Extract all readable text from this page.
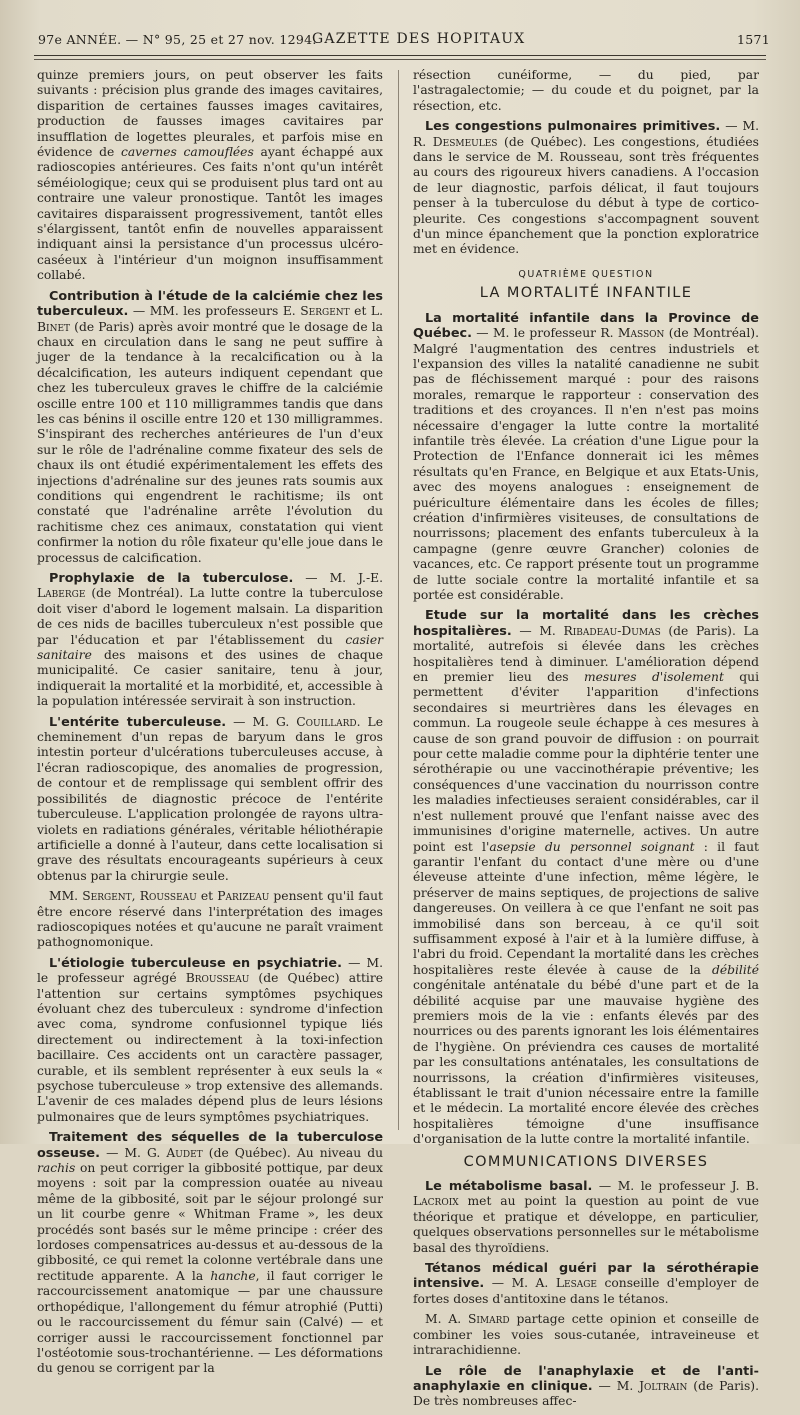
97e ANNÉE. — N° 95, 25 et 27 nov. 1294.
GAZETTE DES HOPITAUX	1571

quinze premiers jours, on peut observer les faits suivants : précision plus grande des images cavitaires, disparition de certaines fausses images cavitaires, production de fausses images cavitaires par insufflation de logettes pleurales, et parfois mise en évidence de cavernes camouflées ayant échappé aux radioscopies antérieures. Ces faits n'ont qu'un intérêt séméiologique; ceux qui se produisent plus tard ont au contraire une valeur pronostique. Tantôt les images cavitaires disparaissent progressivement, tantôt elles s'élargissent, tantôt enfin de nouvelles apparaissent indiquant ainsi la persistance d'un processus ulcéro-caséeux à l'intérieur d'un moignon insuffisamment collabé.

Contribution à l'étude de la calciémie chez les tuberculeux. — MM. les professeurs E. Sergent et L. Binet (de Paris) après avoir montré que le dosage de la chaux en circulation dans le sang ne peut suffire à juger de la tendance à la recalcification ou à la décalcification, les auteurs indiquent cependant que chez les tuberculeux graves le chiffre de la calciémie oscille entre 100 et 110 milligrammes tandis que dans les cas bénins il oscille entre 120 et 130 milligrammes. S'inspirant des recherches antérieures de l'un d'eux sur le rôle de l'adrénaline comme fixateur des sels de chaux ils ont étudié expérimentalement les effets des injections d'adrénaline sur des jeunes rats soumis aux conditions qui engendrent le rachitisme; ils ont constaté que l'adrénaline arrête l'évolution du rachitisme chez ces animaux, constatation qui vient confirmer la notion du rôle fixateur qu'elle joue dans le processus de calcification.

Prophylaxie de la tuberculose. — M. J.-E. Laberge (de Montréal). La lutte contre la tuberculose doit viser d'abord le logement malsain. La disparition de ces nids de bacilles tuberculeux n'est possible que par l'éducation et par l'établissement du casier sanitaire des maisons et des usines de chaque municipalité. Ce casier sanitaire, tenu à jour, indiquerait la mortalité et la morbidité, et, accessible à la population intéressée servirait à son instruction.

L'entérite tuberculeuse. — M. G. Couillard. Le cheminement d'un repas de baryum dans le gros intestin porteur d'ulcérations tuberculeuses accuse, à l'écran radioscopique, des anomalies de progression, de contour et de remplissage qui semblent offrir des possibilités de diagnostic précoce de l'entérite tuberculeuse. L'application prolongée de rayons ultra-violets en radiations générales, véritable héliothérapie artificielle a donné à l'auteur, dans cette localisation si grave des résultats encourageants supérieurs à ceux obtenus par la chirurgie seule.

MM. Sergent, Rousseau et Parizeau pensent qu'il faut être encore réservé dans l'interprétation des images radioscopiques notées et qu'aucune ne paraît vraiment pathognomonique.

L'étiologie tuberculeuse en psychiatrie. — M. le professeur agrégé Brousseau (de Québec) attire l'attention sur certains symptômes psychiques évoluant chez des tuberculeux : syndrome d'infection avec coma, syndrome confusionnel typique liés directement ou indirectement à la toxi-infection bacillaire. Ces accidents ont un caractère passager, curable, et ils semblent représenter à eux seuls la « psychose tuberculeuse » trop extensive des allemands. L'avenir de ces malades dépend plus de leurs lésions pulmonaires que de leurs symptômes psychiatriques.

Traitement des séquelles de la tuberculose osseuse. — M. G. Audet (de Québec). Au niveau du rachis on peut corriger la gibbosité pottique, par deux moyens : soit par la compression ouatée au niveau même de la gibbosité, soit par le séjour prolongé sur un lit courbe genre « Whitman Frame », les deux procédés sont basés sur le même principe : créer des lordoses compensatrices au-dessus et au-dessous de la gibbosité, ce qui remet la colonne vertébrale dans une rectitude apparente. A la hanche, il faut corriger le raccourcissement anatomique — par une chaussure orthopédique, l'allongement du fémur atrophié (Putti) ou le raccourcissement du fémur sain (Calvé) — et corriger aussi le raccourcissement fonctionnel par l'ostéotomie sous-trochantérienne. — Les déformations du genou se corrigent par la

résection cunéiforme, — du pied, par l'astragalectomie; — du coude et du poignet, par la résection, etc.

Les congestions pulmonaires primitives. — M. R. Desmeules (de Québec). Les congestions, étudiées dans le service de M. Rousseau, sont très fréquentes au cours des rigoureux hivers canadiens. A l'occasion de leur diagnostic, parfois délicat, il faut toujours penser à la tuberculose du début à type de cortico-pleurite. Ces congestions s'accompagnent souvent d'un mince épanchement que la ponction exploratrice met en évidence.

QUATRIÈME QUESTION
LA MORTALITÉ INFANTILE

La mortalité infantile dans la Province de Québec. — M. le professeur R. Masson (de Montréal). Malgré l'augmentation des centres industriels et l'expansion des villes la natalité canadienne ne subit pas de fléchissement marqué : pour des raisons morales, remarque le rapporteur : conservation des traditions et des croyances. Il n'en n'est pas moins nécessaire d'engager la lutte contre la mortalité infantile très élevée. La création d'une Ligue pour la Protection de l'Enfance donnerait ici les mêmes résultats qu'en France, en Belgique et aux Etats-Unis, avec des moyens analogues : enseignement de puériculture élémentaire dans les écoles de filles; création d'infirmières visiteuses, de consultations de nourrissons; placement des enfants tuberculeux à la campagne (genre œuvre Grancher) colonies de vacances, etc. Ce rapport présente tout un programme de lutte sociale contre la mortalité infantile et sa portée est considérable.

Etude sur la mortalité dans les crèches hospitalières. — M. Ribadeau-Dumas (de Paris). La mortalité, autrefois si élevée dans les crèches hospitalières tend à diminuer. L'amélioration dépend en premier lieu des mesures d'isolement qui permettent d'éviter l'apparition d'infections secondaires si meurtrières dans les élevages en commun. La rougeole seule échappe à ces mesures à cause de son grand pouvoir de diffusion : on pourrait pour cette maladie comme pour la diphtérie tenter une sérothérapie ou une vaccinothérapie préventive; les conséquences d'une vaccination du nourrisson contre les maladies infectieuses seraient considérables, car il n'est nullement prouvé que l'enfant naisse avec des immunisines d'origine maternelle, actives. Un autre point est l'asepsie du personnel soignant : il faut garantir l'enfant du contact d'une mère ou d'une éleveuse atteinte d'une infection, même légère, le préserver de mains septiques, de projections de salive dangereuses. On veillera à ce que l'enfant ne soit pas immobilisé dans son berceau, à ce qu'il soit suffisamment exposé à l'air et à la lumière diffuse, à l'abri du froid. Cependant la mortalité dans les crèches hospitalières reste élevée à cause de la débilité congénitale anténatale du bébé d'une part et de la débilité acquise par une mauvaise hygiène des premiers mois de la vie : enfants élevés par des nourrices ou des parents ignorant les lois élémentaires de l'hygiène. On préviendra ces causes de mortalité par les consultations anténatales, les consultations de nourrissons, la création d'infirmières visiteuses, établissant le trait d'union nécessaire entre la famille et le médecin. La mortalité encore élevée des crèches hospitalières témoigne d'une insuffisance d'organisation de la lutte contre la mortalité infantile.

COMMUNICATIONS DIVERSES

Le métabolisme basal. — M. le professeur J. B. Lacroix met au point la question au point de vue théorique et pratique et développe, en particulier, quelques observations personnelles sur le métabolisme basal des thyroïdiens.

Tétanos médical guéri par la sérothérapie intensive. — M. A. Lesage conseille d'employer de fortes doses d'antitoxine dans le tétanos.

M. A. Simard partage cette opinion et conseille de combiner les voies sous-cutanée, intraveineuse et intrarachidienne.

Le rôle de l'anaphylaxie et de l'anti-anaphylaxie en clinique. — M. Joltrain (de Paris). De très nombreuses affec-
